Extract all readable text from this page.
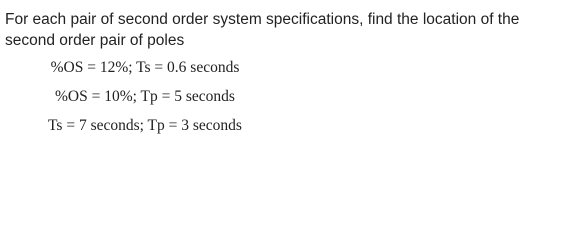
For each pair of second order system specifications, find the location of the second order pair of poles
%OS = 12%; Ts = 0.6 seconds
%OS = 10%; Tp = 5 seconds
Ts = 7 seconds; Tp = 3 seconds
